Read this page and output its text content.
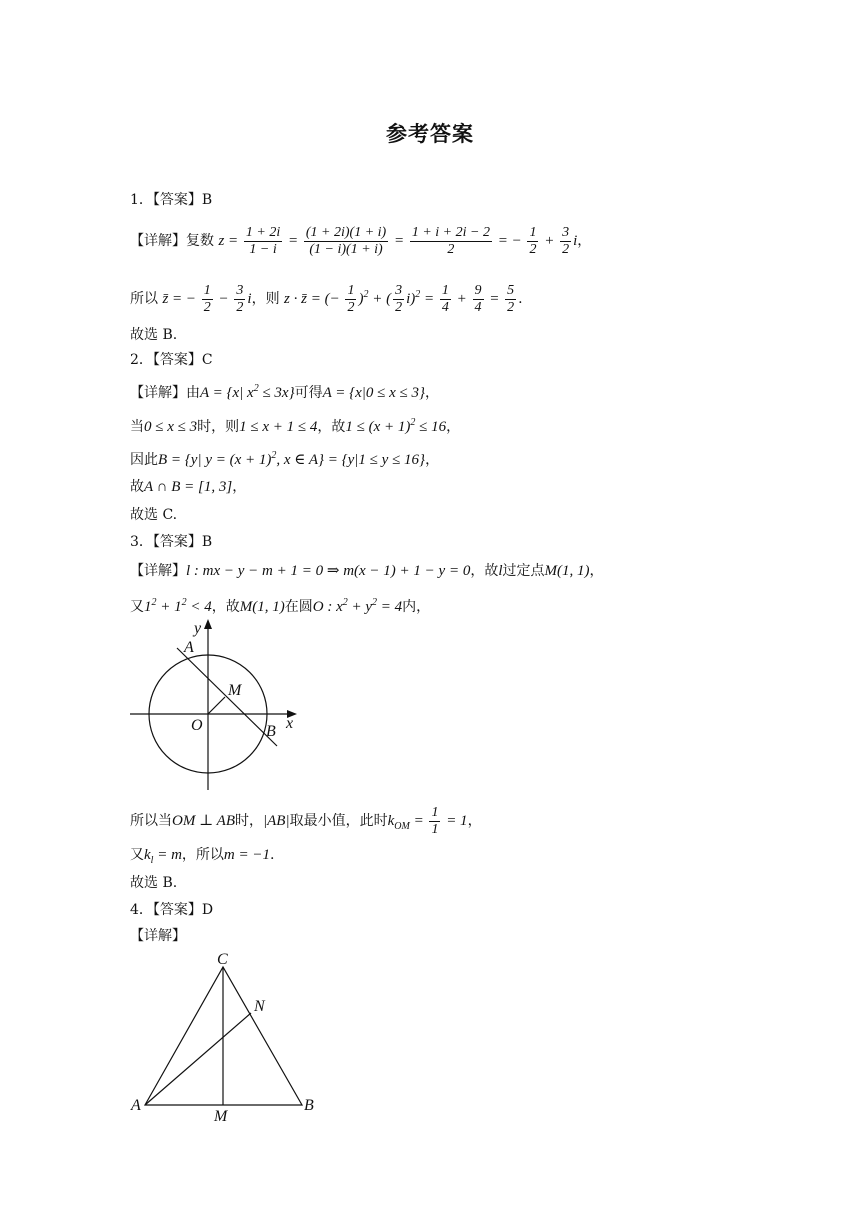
参考答案
1．【答案】B
【详解】复数 $z = \frac{1 + 2i}{1 - i} = \frac{(1 + 2i)(1 + i)}{(1 - i)(1 + i)} = \frac{1 + i + 2i - 2}{2}$ = − $\frac{1}{2} + \frac{3}{2}$ i，
所以 z̄ = − $\frac{1}{2} - \frac{3}{2}$ i，则 z · z̄ = (− $\frac{1}{2} )^2$ + ( $\frac{3}{2} i)^2 = \frac{1}{4} + \frac{9}{4} = \frac{5}{2}$ .
故选 B.
2．【答案】C
【详解】由A = {x| $x^2 \le 3x$}可得A = {x|0 ≤ x ≤ 3}，
当0 ≤ x ≤ 3时，则1 ≤ x + 1 ≤ 4，故$1 \le (x + 1)^2 \le 16$，
因此B = {y| $y = (x + 1)^2$, x ∈ A} = {y|1 ≤ y ≤ 16}，
故A ∩ B = [1, 3]，
故选 C.
3．【答案】B
【详解】l : mx − y − m + 1 = 0 ⇒ m(x − 1) + 1 − y = 0，故l过定点M(1, 1)，
又$1^2 + 1^2 < 4$，故M(1, 1)在圆O : $x^2 + y^2 = 4$内，
y
A
M
O	x
B
所以当OM ⊥ AB时，|AB|取最小值，此时$k_{OM} = \frac{1}{1} = 1$，
又$k_l = m$，所以m = −1.
故选 B.
4．【答案】D
【详解】
C
N
A	B
M
